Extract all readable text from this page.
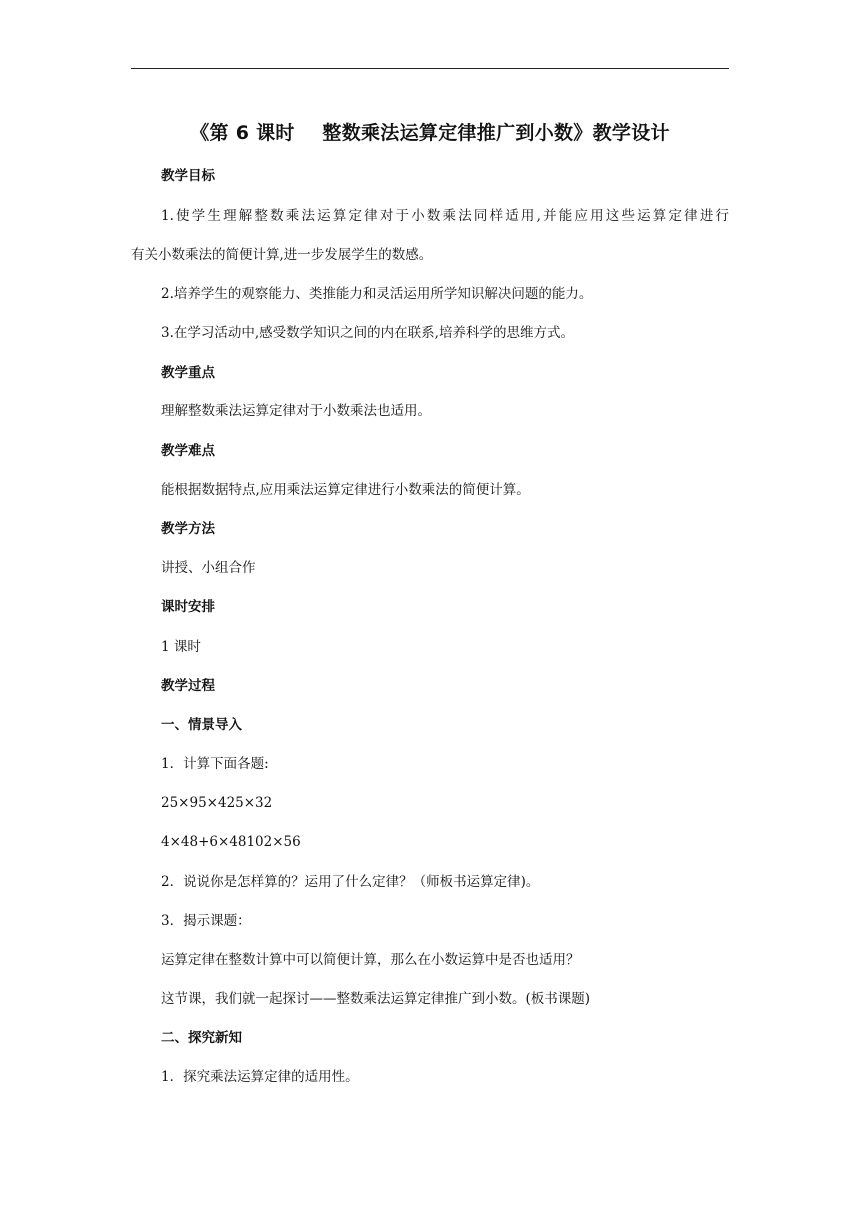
《第 6 课时    整数乘法运算定律推广到小数》教学设计
教学目标
1.使学生理解整数乘法运算定律对于小数乘法同样适用,并能应用这些运算定律进行
有关小数乘法的简便计算,进一步发展学生的数感。
2.培养学生的观察能力、类推能力和灵活运用所学知识解决问题的能力。
3.在学习活动中,感受数学知识之间的内在联系,培养科学的思维方式。
教学重点
理解整数乘法运算定律对于小数乘法也适用。
教学难点
能根据数据特点,应用乘法运算定律进行小数乘法的简便计算。
教学方法
讲授、小组合作
课时安排
1 课时
教学过程
一、情景导入
1．计算下面各题:
25×95×425×32
4×48+6×48102×56
2．说说你是怎样算的？运用了什么定律？（师板书运算定律)。
3．揭示课题：
运算定律在整数计算中可以简便计算，那么在小数运算中是否也适用？
这节课，我们就一起探讨——整数乘法运算定律推广到小数。(板书课题)
二、探究新知
1．探究乘法运算定律的适用性。
